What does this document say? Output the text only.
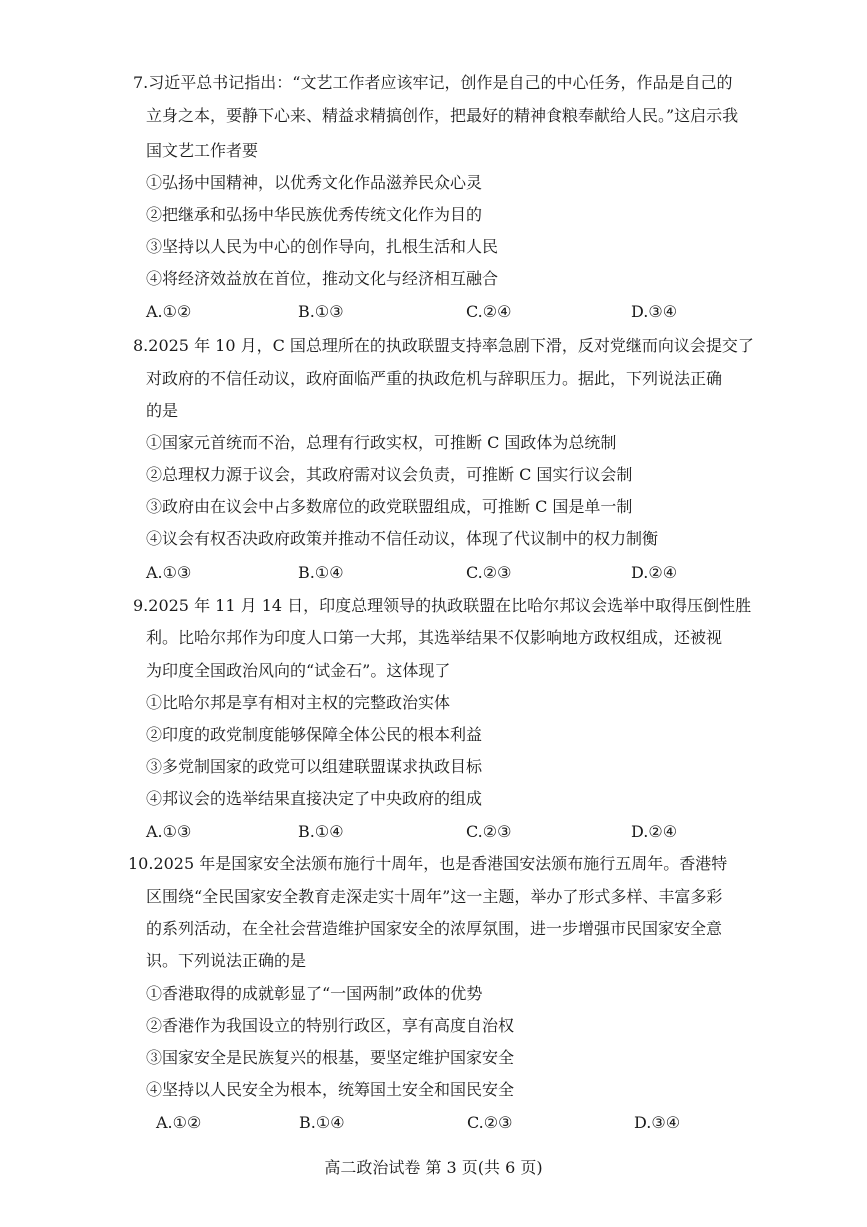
7.习近平总书记指出：“文艺工作者应该牢记，创作是自己的中心任务，作品是自己的
立身之本，要静下心来、精益求精搞创作，把最好的精神食粮奉献给人民。”这启示我
国文艺工作者要
①弘扬中国精神，以优秀文化作品滋养民众心灵
②把继承和弘扬中华民族优秀传统文化作为目的
③坚持以人民为中心的创作导向，扎根生活和人民
④将经济效益放在首位，推动文化与经济相互融合
A.①②	B.①③	C.②④	D.③④
8.2025 年 10 月，C 国总理所在的执政联盟支持率急剧下滑，反对党继而向议会提交了
对政府的不信任动议，政府面临严重的执政危机与辞职压力。据此，下列说法正确
的是
①国家元首统而不治，总理有行政实权，可推断 C 国政体为总统制
②总理权力源于议会，其政府需对议会负责，可推断 C 国实行议会制
③政府由在议会中占多数席位的政党联盟组成，可推断 C 国是单一制
④议会有权否决政府政策并推动不信任动议，体现了代议制中的权力制衡
A.①③	B.①④	C.②③	D.②④
9.2025 年 11 月 14 日，印度总理领导的执政联盟在比哈尔邦议会选举中取得压倒性胜
利。比哈尔邦作为印度人口第一大邦，其选举结果不仅影响地方政权组成，还被视
为印度全国政治风向的“试金石”。这体现了
①比哈尔邦是享有相对主权的完整政治实体
②印度的政党制度能够保障全体公民的根本利益
③多党制国家的政党可以组建联盟谋求执政目标
④邦议会的选举结果直接决定了中央政府的组成
A.①③	B.①④	C.②③	D.②④
10.2025 年是国家安全法颁布施行十周年，也是香港国安法颁布施行五周年。香港特
区围绕“全民国家安全教育走深走实十周年”这一主题，举办了形式多样、丰富多彩
的系列活动，在全社会营造维护国家安全的浓厚氛围，进一步增强市民国家安全意
识。下列说法正确的是
①香港取得的成就彰显了“一国两制”政体的优势
②香港作为我国设立的特别行政区，享有高度自治权
③国家安全是民族复兴的根基，要坚定维护国家安全
④坚持以人民安全为根本，统筹国土安全和国民安全
A.①②	B.①④	C.②③	D.③④
高二政治试卷 第 3 页(共 6 页)
